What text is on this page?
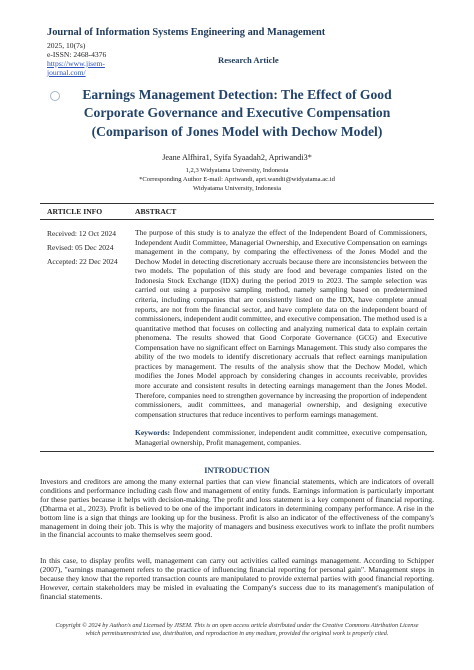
Journal of Information Systems Engineering and Management
2025, 10(7s)
e-ISSN: 2468-4376
https://www.jisem-
journal.com/
Research Article
Earnings Management Detection: The Effect of Good
Corporate Governance and Executive Compensation
(Comparison of Jones Model with Dechow Model)
Jeane Alfhira1, Syifa Syaadah2, Apriwandi3*
1,2,3 Widyatama University, Indonesia
*Corresponding Author E-mail: Apriwandi, apri.wandii@widyatama.ac.id
Widyatama University, Indonesia
ARTICLE INFO	ABSTRACT
Received: 12 Oct 2024
Revised: 05 Dec 2024
Accepted: 22 Dec 2024
The purpose of this study is to analyze the effect of the Independent Board of Commissioners, Independent Audit Committee, Managerial Ownership, and Executive Compensation on earnings management in the company, by comparing the effectiveness of the Jones Model and the Dechow Model in detecting discretionary accruals because there are inconsistencies between the two models. The population of this study are food and beverage companies listed on the Indonesia Stock Exchange (IDX) during the period 2019 to 2023. The sample selection was carried out using a purposive sampling method, namely sampling based on predetermined criteria, including companies that are consistently listed on the IDX, have complete annual reports, are not from the financial sector, and have complete data on the independent board of commissioners, independent audit committee, and executive compensation. The method used is a quantitative method that focuses on collecting and analyzing numerical data to explain certain phenomena. The results showed that Good Corporate Governance (GCG) and Executive Compensation have no significant effect on Earnings Management. This study also compares the ability of the two models to identify discretionary accruals that reflect earnings manipulation practices by management. The results of the analysis show that the Dechow Model, which modifies the Jones Model approach by considering changes in accounts receivable, provides more accurate and consistent results in detecting earnings management than the Jones Model. Therefore, companies need to strengthen governance by increasing the proportion of independent commissioners, audit committees, and managerial ownership, and designing executive compensation structures that reduce incentives to perform earnings management.
Keywords: Independent commissioner, independent audit committee, executive compensation, Managerial ownership, Profit management, companies.
INTRODUCTION
Investors and creditors are among the many external parties that can view financial statements, which are indicators of overall conditions and performance including cash flow and management of entity funds. Earnings information is particularly important for these parties because it helps with decision-making. The profit and loss statement is a key component of financial reporting. (Dharma et al., 2023). Profit is believed to be one of the important indicators in determining company performance. A rise in the bottom line is a sign that things are looking up for the business. Profit is also an indicator of the effectiveness of the company's management in doing their job. This is why the majority of managers and business executives work to inflate the profit numbers in the financial accounts to make themselves seem good.
In this case, to display profits well, management can carry out activities called earnings management. According to Schipper (2007), "earnings management refers to the practice of influencing financial reporting for personal gain". Management steps in because they know that the reported transaction counts are manipulated to provide external parties with good financial reporting. However, certain stakeholders may be misled in evaluating the Company's success due to its management's manipulation of financial statements.
Copyright © 2024 by Author/s and Licensed by JISEM. This is an open access article distributed under the Creative Commons Attribution License
which permitsunrestricted use, distribution, and reproduction in any medium, provided the original work is properly cited.
